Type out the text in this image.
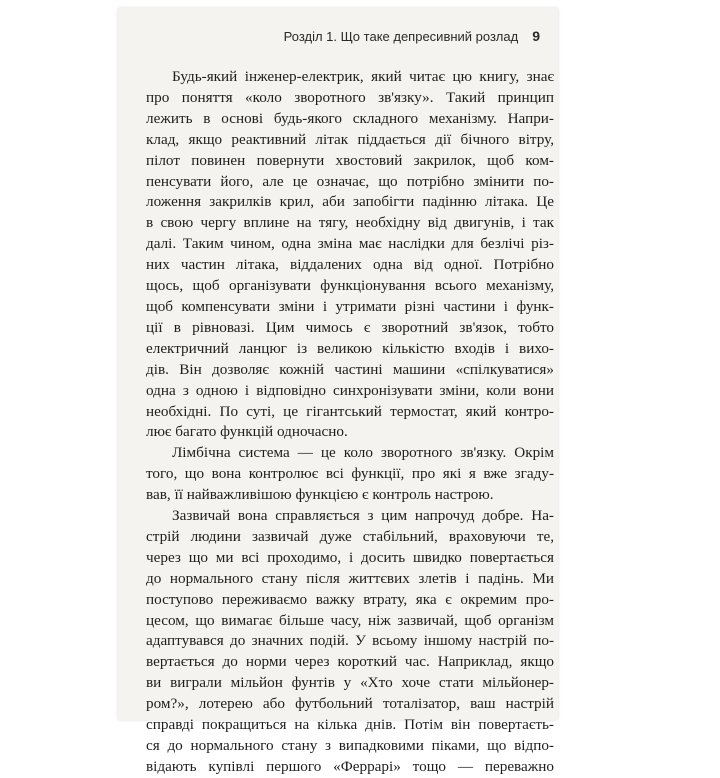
Розділ 1. Що таке депресивний розлад 9
Будь-який інженер-електрик, який читає цю книгу, знає
про поняття «коло зворотного зв'язку». Такий принцип
лежить в основі будь-якого складного механізму. Напри-
клад, якщо реактивний літак піддається дії бічного вітру,
пілот повинен повернути хвостовий закрилок, щоб ком-
пенсувати його, але це означає, що потрібно змінити по-
ложення закрилків крил, аби запобігти падінню літака. Це
в свою чергу вплине на тягу, необхідну від двигунів, і так
далі. Таким чином, одна зміна має наслідки для безлічі різ-
них частин літака, віддалених одна від одної. Потрібно
щось, щоб організувати функціонування всього механізму,
щоб компенсувати зміни і утримати різні частини і функ-
ції в рівновазі. Цим чимось є зворотний зв'язок, тобто
електричний ланцюг із великою кількістю входів і вихо-
дів. Він дозволяє кожній частині машини «спілкуватися»
одна з одною і відповідно синхронізувати зміни, коли вони
необхідні. По суті, це гігантський термостат, який контро-
лює багато функцій одночасно.
Лімбічна система — це коло зворотного зв'язку. Окрім
того, що вона контролює всі функції, про які я вже згаду-
вав, її найважливішою функцією є контроль настрою.
Зазвичай вона справляється з цим напрочуд добре. На-
стрій людини зазвичай дуже стабільний, враховуючи те,
через що ми всі проходимо, і досить швидко повертається
до нормального стану після життєвих злетів і падінь. Ми
поступово переживаємо важку втрату, яка є окремим про-
цесом, що вимагає більше часу, ніж зазвичай, щоб організм
адаптувався до значних подій. У всьому іншому настрій по-
вертається до норми через короткий час. Наприклад, якщо
ви виграли мільйон фунтів у «Хто хоче стати мільйонер-
ром?», лотерею або футбольний тоталізатор, ваш настрій
справді покращиться на кілька днів. Потім він повертаєть-
ся до нормального стану з випадковими піками, що відпо-
відають купівлі першого «Феррарі» тощо — переважно
